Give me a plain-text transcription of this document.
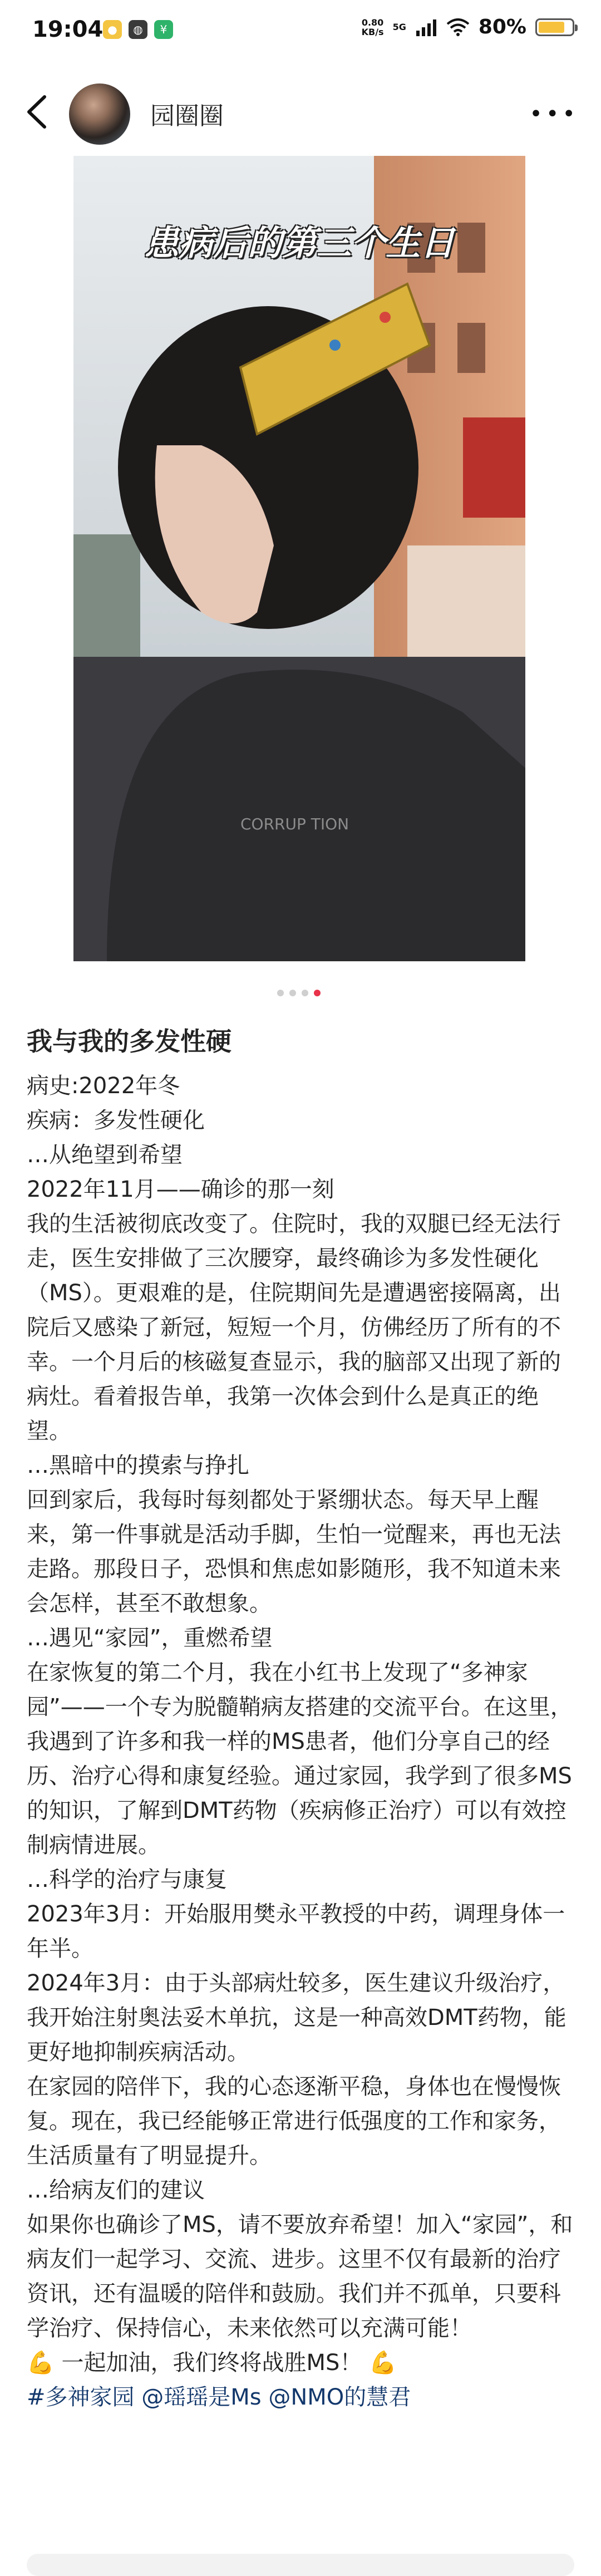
19:04 ●	◍	¥
0.80
KB/s 5G	80%
园圈圈	•••
CORRUP TION
患病后的第三个生日
我与我的多发性硬

病史:2022年冬

疾病：多发性硬化

…从绝望到希望

2022年11月——确诊的那一刻

我的生活被彻底改变了。住院时，我的双腿已经无法行走，医生安排做了三次腰穿，最终确诊为多发性硬化（MS）。更艰难的是，住院期间先是遭遇密接隔离，出院后又感染了新冠，短短一个月，仿佛经历了所有的不幸。一个月后的核磁复查显示，我的脑部又出现了新的病灶。看着报告单，我第一次体会到什么是真正的绝望。

…黑暗中的摸索与挣扎

回到家后，我每时每刻都处于紧绷状态。每天早上醒来，第一件事就是活动手脚，生怕一觉醒来，再也无法走路。那段日子，恐惧和焦虑如影随形，我不知道未来会怎样，甚至不敢想象。

…遇见“家园”，重燃希望

在家恢复的第二个月，我在小红书上发现了“多神家园”——一个专为脱髓鞘病友搭建的交流平台。在这里，我遇到了许多和我一样的MS患者，他们分享自己的经历、治疗心得和康复经验。通过家园，我学到了很多MS的知识，了解到DMT药物（疾病修正治疗）可以有效控制病情进展。

…科学的治疗与康复

2023年3月：开始服用樊永平教授的中药，调理身体一年半。

2024年3月：由于头部病灶较多，医生建议升级治疗，我开始注射奥法妥木单抗，这是一种高效DMT药物，能更好地抑制疾病活动。

在家园的陪伴下，我的心态逐渐平稳，身体也在慢慢恢复。现在，我已经能够正常进行低强度的工作和家务，生活质量有了明显提升。

…给病友们的建议

如果你也确诊了MS，请不要放弃希望！加入“家园”，和病友们一起学习、交流、进步。这里不仅有最新的治疗资讯，还有温暖的陪伴和鼓励。我们并不孤单，只要科学治疗、保持信心，未来依然可以充满可能！

💪 一起加油，我们终将战胜MS！ 💪

#多神家园 @瑶瑶是Ms @NMO的慧君
